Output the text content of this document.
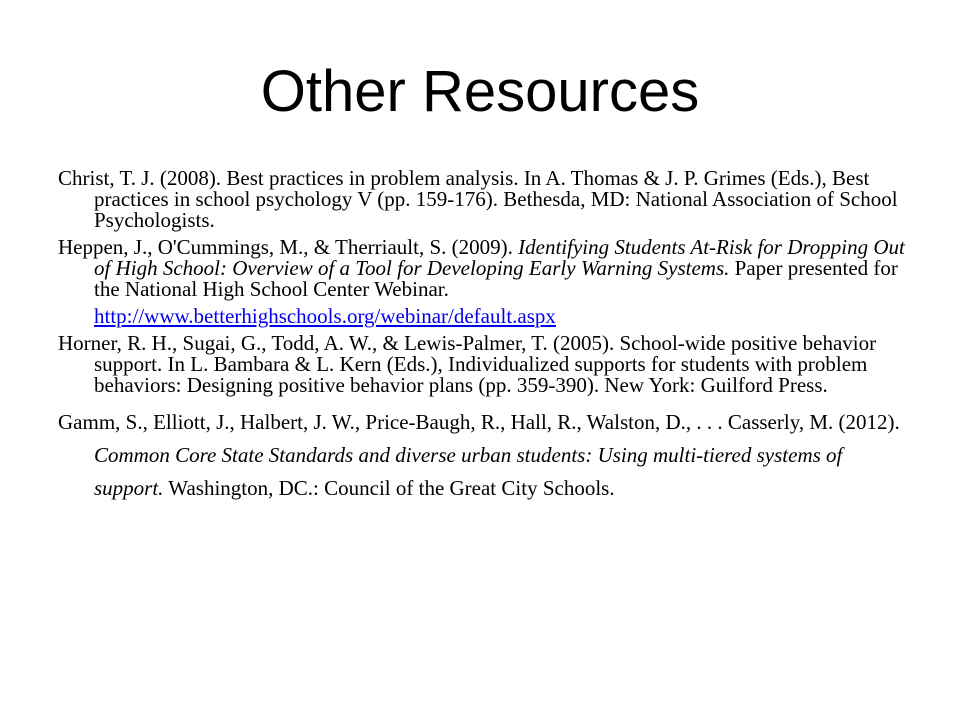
Other Resources

Christ, T. J. (2008). Best practices in problem analysis. In A. Thomas & J. P. Grimes (Eds.), Best practices in school psychology V (pp. 159-176). Bethesda, MD: National Association of School Psychologists.

Heppen, J., O'Cummings, M., & Therriault, S. (2009). Identifying Students At-Risk for Dropping Out of High School: Overview of a Tool for Developing Early Warning Systems. Paper presented for the National High School Center Webinar.

http://www.betterhighschools.org/webinar/default.aspx

Horner, R. H., Sugai, G., Todd, A. W., & Lewis-Palmer, T. (2005). School-wide positive behavior support. In L. Bambara & L. Kern (Eds.), Individualized supports for students with problem behaviors: Designing positive behavior plans (pp. 359-390). New York: Guilford Press.

Gamm, S., Elliott, J., Halbert, J. W., Price-Baugh, R., Hall, R., Walston, D., . . . Casserly, M. (2012). Common Core State Standards and diverse urban students: Using multi-tiered systems of support. Washington, DC.: Council of the Great City Schools.
